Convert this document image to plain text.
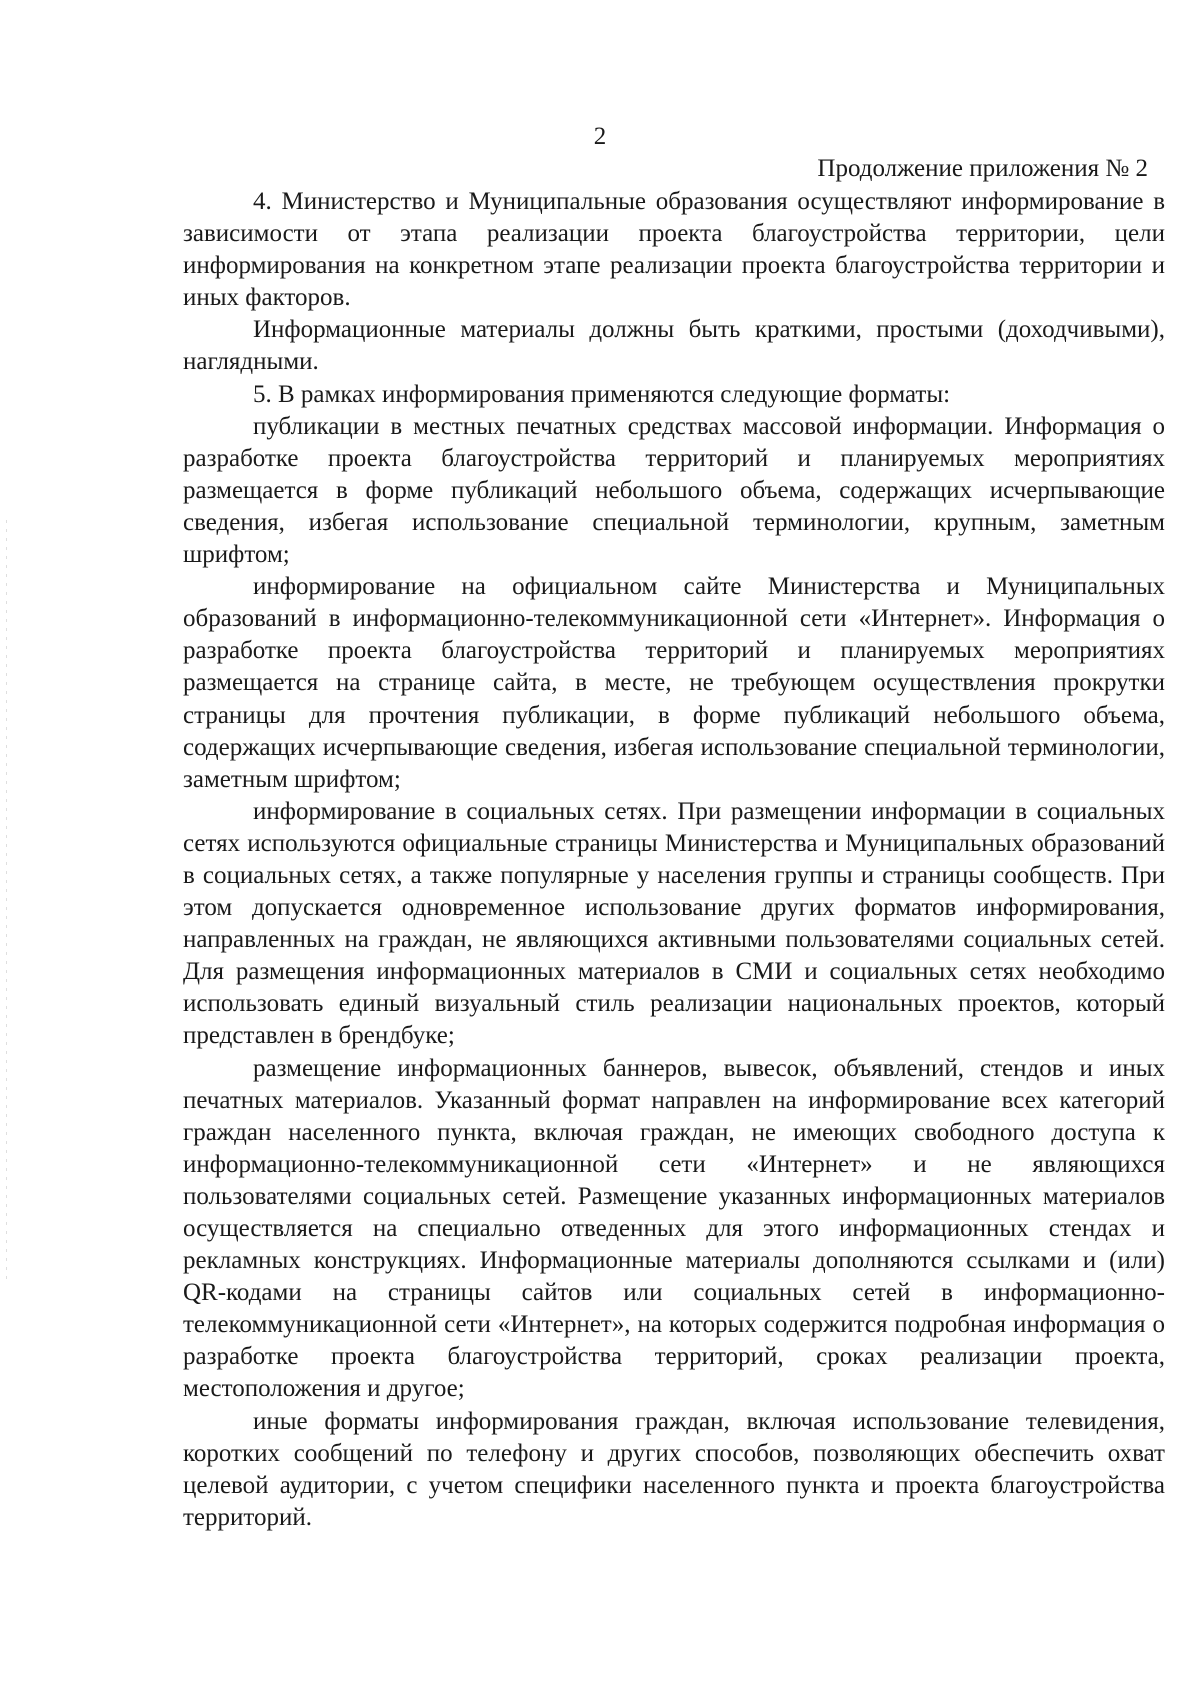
2
Продолжение приложения № 2

4. Министерство и Муниципальные образования осуществляют информирование в зависимости от этапа реализации проекта благоустройства территории, цели информирования на конкретном этапе реализации проекта благоустройства территории и иных факторов.

Информационные материалы должны быть краткими, простыми (доходчивыми), наглядными.

5. В рамках информирования применяются следующие форматы:

публикации в местных печатных средствах массовой информации. Информация о разработке проекта благоустройства территорий и планируемых мероприятиях размещается в форме публикаций небольшого объема, содержащих исчерпывающие сведения, избегая использование специальной терминологии, крупным, заметным шрифтом;

информирование на официальном сайте Министерства и Муниципальных образований в информационно-телекоммуникационной сети «Интернет». Информация о разработке проекта благоустройства территорий и планируемых мероприятиях размещается на странице сайта, в месте, не требующем осуществления прокрутки страницы для прочтения публикации, в форме публикаций небольшого объема, содержащих исчерпывающие сведения, избегая использование специальной терминологии, заметным шрифтом;

информирование в социальных сетях. При размещении информации в социальных сетях используются официальные страницы Министерства и Муниципальных образований в социальных сетях, а также популярные у населения группы и страницы сообществ. При этом допускается одновременное использование других форматов информирования, направленных на граждан, не являющихся активными пользователями социальных сетей. Для размещения информационных материалов в СМИ и социальных сетях необходимо использовать единый визуальный стиль реализации национальных проектов, который представлен в брендбуке;

размещение информационных баннеров, вывесок, объявлений, стендов и иных печатных материалов. Указанный формат направлен на информирование всех категорий граждан населенного пункта, включая граждан, не имеющих свободного доступа к информационно-телекоммуникационной сети «Интернет» и не являющихся пользователями социальных сетей. Размещение указанных информационных материалов осуществляется на специально отведенных для этого информационных стендах и рекламных конструкциях. Информационные материалы дополняются ссылками и (или) QR-кодами на страницы сайтов или социальных сетей в информационно-телекоммуникационной сети «Интернет», на которых содержится подробная информация о разработке проекта благоустройства территорий, сроках реализации проекта, местоположения и другое;

иные форматы информирования граждан, включая использование телевидения, коротких сообщений по телефону и других способов, позволяющих обеспечить охват целевой аудитории, с учетом специфики населенного пункта и проекта благоустройства территорий.
